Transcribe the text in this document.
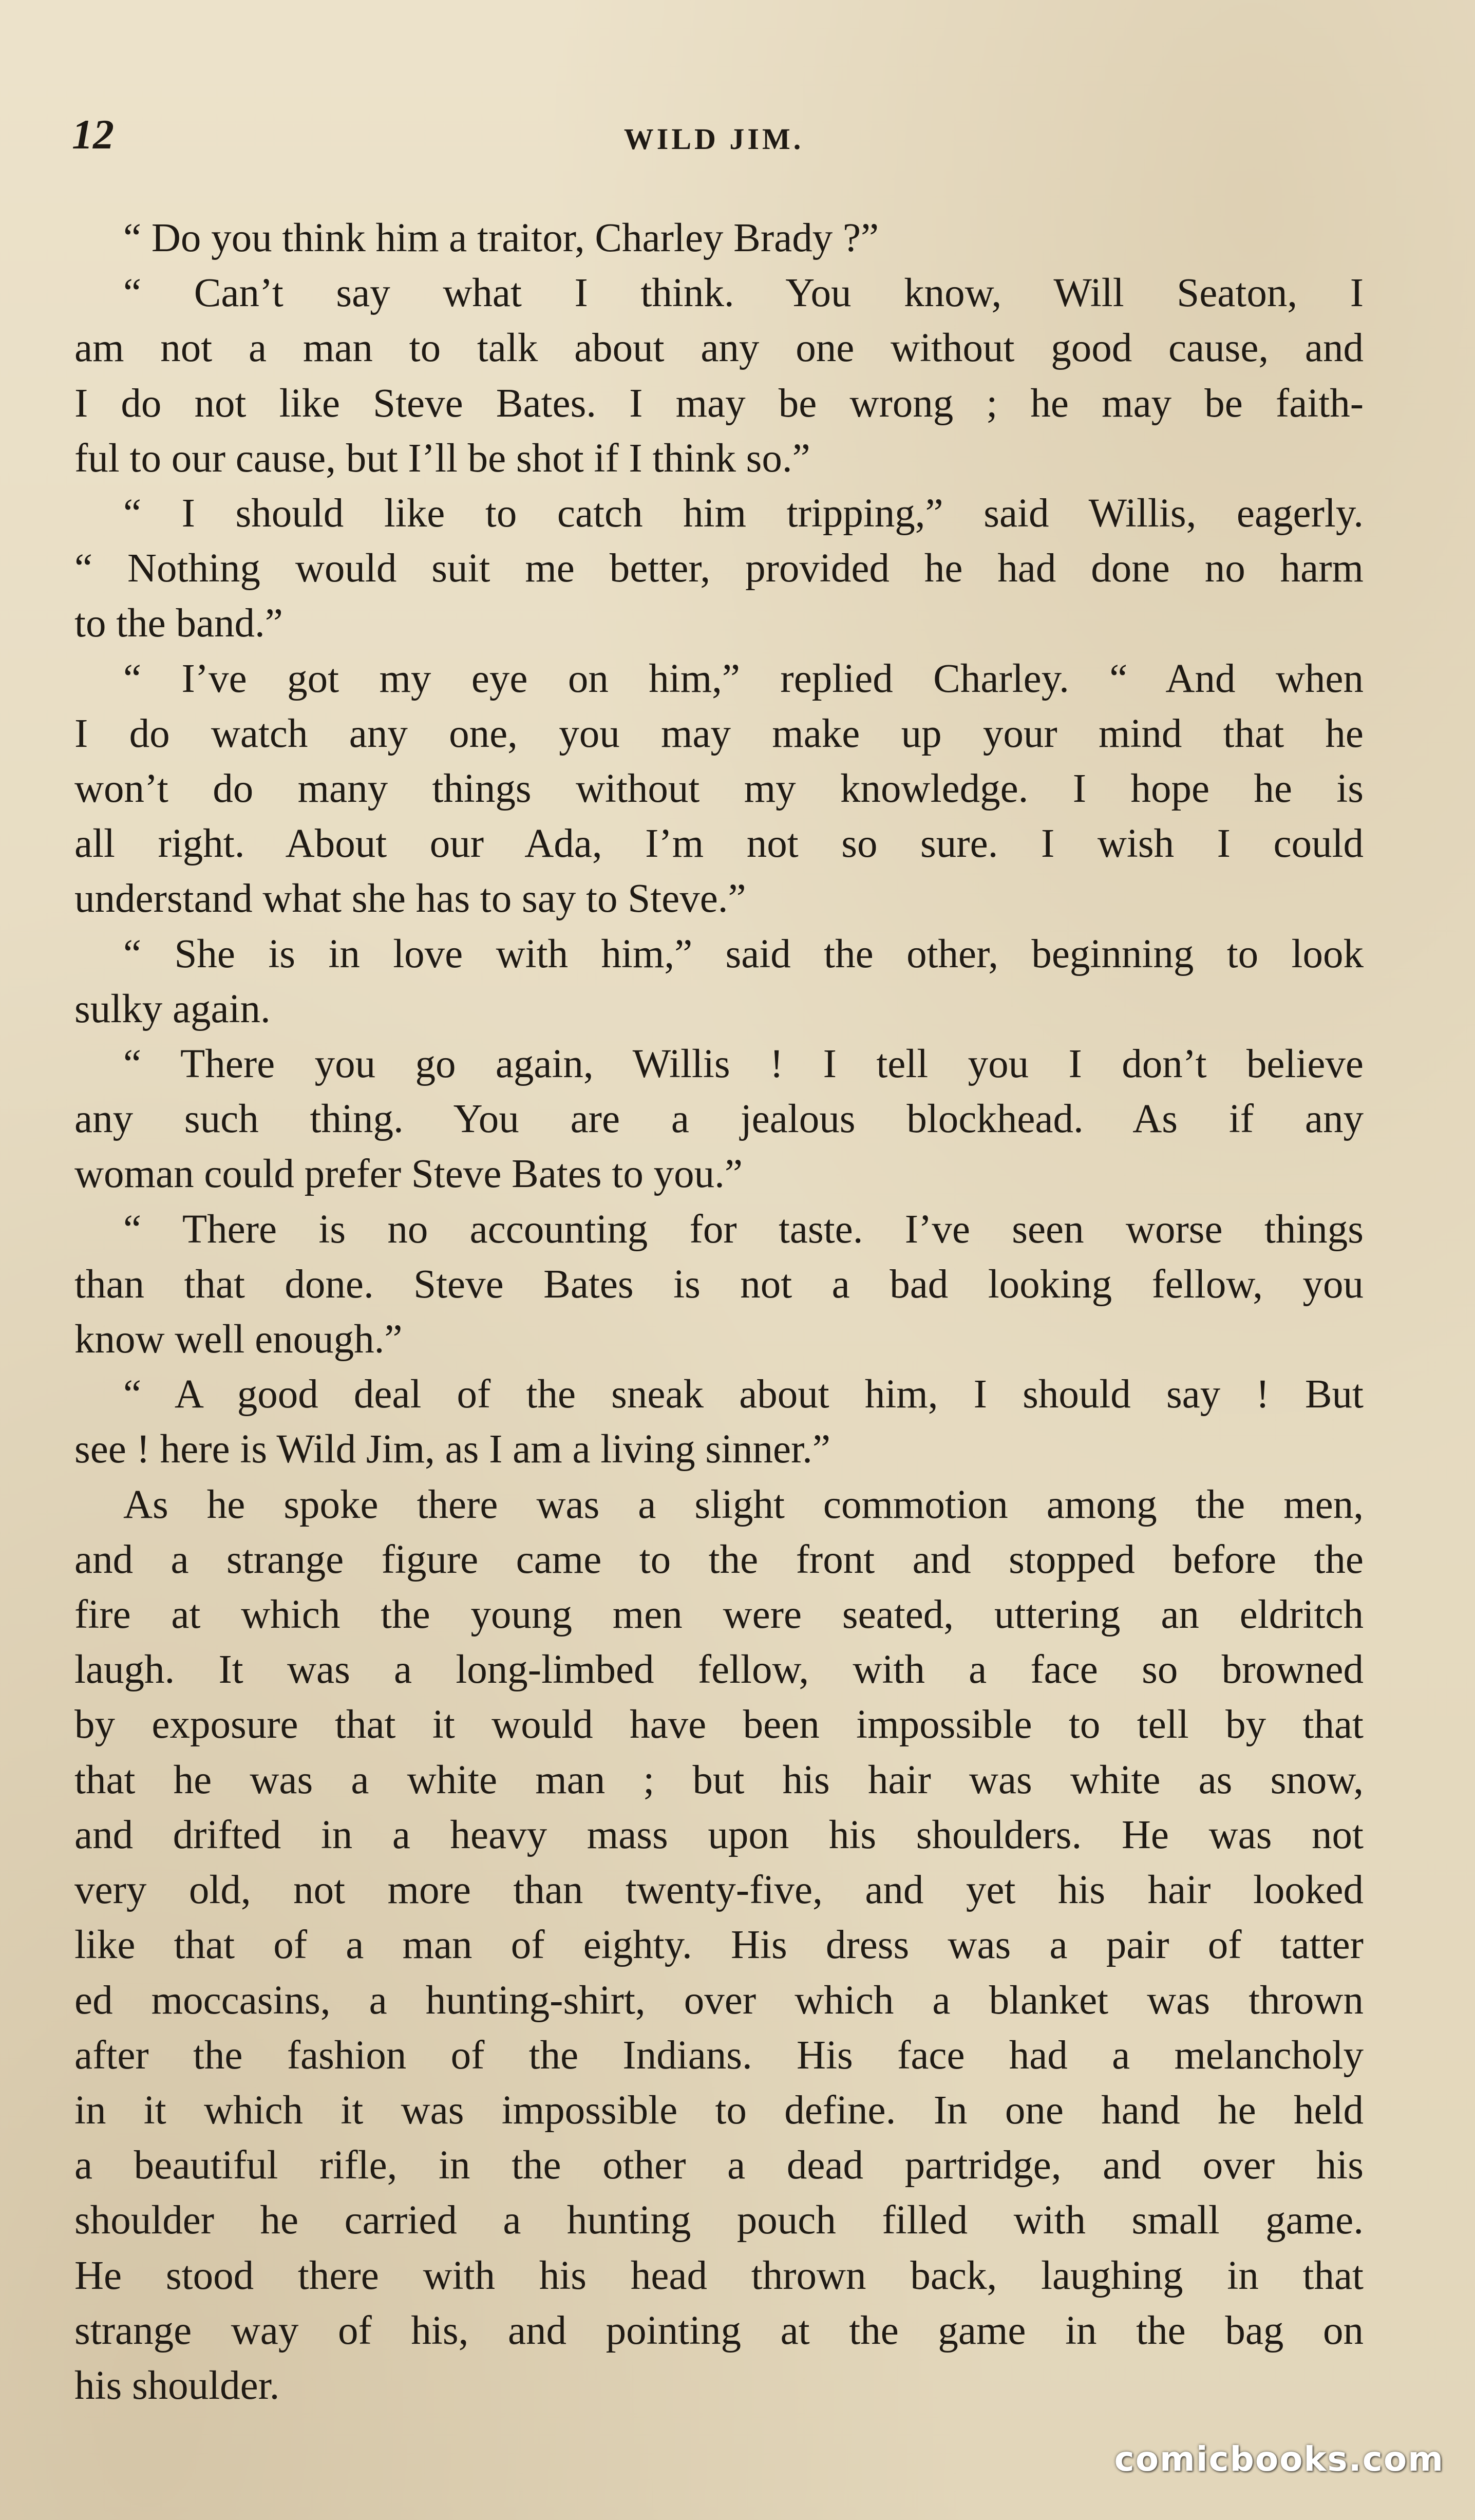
12	WILD JIM.
“ Do you think him a traitor, Charley Brady ?”
“ Can’t say what I think. You know, Will Seaton, I
am not a man to talk about any one without good cause, and
I do not like Steve Bates. I may be wrong ; he may be faith-
ful to our cause, but I’ll be shot if I think so.”
“ I should like to catch him tripping,” said Willis, eagerly.
“ Nothing would suit me better, provided he had done no harm
to the band.”
“ I’ve got my eye on him,” replied Charley. “ And when
I do watch any one, you may make up your mind that he
won’t do many things without my knowledge. I hope he is
all right. About our Ada, I’m not so sure. I wish I could
understand what she has to say to Steve.”
“ She is in love with him,” said the other, beginning to look
sulky again.
“ There you go again, Willis ! I tell you I don’t believe
any such thing. You are a jealous blockhead. As if any
woman could prefer Steve Bates to you.”
“ There is no accounting for taste. I’ve seen worse things
than that done. Steve Bates is not a bad looking fellow, you
know well enough.”
“ A good deal of the sneak about him, I should say ! But
see ! here is Wild Jim, as I am a living sinner.”
As he spoke there was a slight commotion among the men,
and a strange figure came to the front and stopped before the
fire at which the young men were seated, uttering an eldritch
laugh. It was a long-limbed fellow, with a face so browned
by exposure that it would have been impossible to tell by that
that he was a white man ; but his hair was white as snow,
and drifted in a heavy mass upon his shoulders. He was not
very old, not more than twenty-five, and yet his hair looked
like that of a man of eighty. His dress was a pair of tatter
ed moccasins, a hunting-shirt, over which a blanket was thrown
after the fashion of the Indians. His face had a melancholy
in it which it was impossible to define. In one hand he held
a beautiful rifle, in the other a dead partridge, and over his
shoulder he carried a hunting pouch filled with small game.
He stood there with his head thrown back, laughing in that
strange way of his, and pointing at the game in the bag on
his shoulder.
comicbooks.com
